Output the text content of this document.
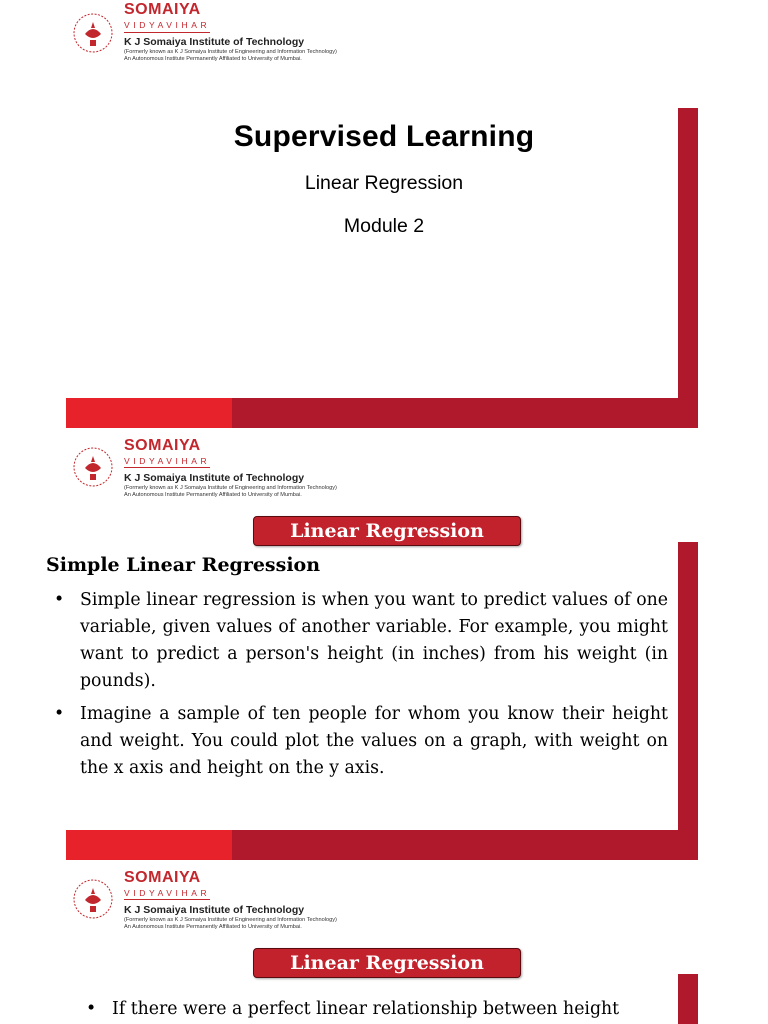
SOMAIYA
VIDYAVIHAR
K J Somaiya Institute of Technology
(Formerly known as K J Somaiya Institute of Engineering and Information Technology)
An Autonomous Institute Permanently Affiliated to University of Mumbai.
Supervised Learning
Linear Regression
Module 2
SOMAIYA
VIDYAVIHAR
K J Somaiya Institute of Technology
(Formerly known as K J Somaiya Institute of Engineering and Information Technology)
An Autonomous Institute Permanently Affiliated to University of Mumbai.
Linear Regression
Simple Linear Regression
• Simple linear regression is when you want to predict values of one variable, given values of another variable. For example, you might want to predict a person's height (in inches) from his weight (in pounds).
• Imagine a sample of ten people for whom you know their height and weight. You could plot the values on a graph, with weight on the x axis and height on the y axis.
SOMAIYA
VIDYAVIHAR
K J Somaiya Institute of Technology
(Formerly known as K J Somaiya Institute of Engineering and Information Technology)
An Autonomous Institute Permanently Affiliated to University of Mumbai.
Linear Regression
• If there were a perfect linear relationship between height
